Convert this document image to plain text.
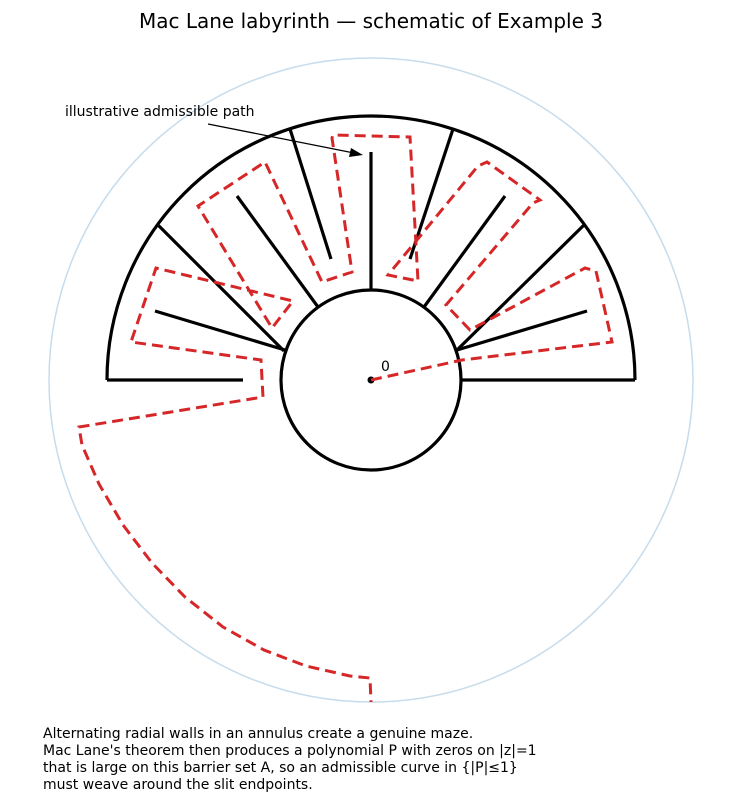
Mac Lane labyrinth — schematic of Example 3
0
illustrative admissible path
Alternating radial walls in an annulus create a genuine maze.
Mac Lane's theorem then produces a polynomial P with zeros on |z|=1
that is large on this barrier set A, so an admissible curve in {|P|≤1}
must weave around the slit endpoints.
